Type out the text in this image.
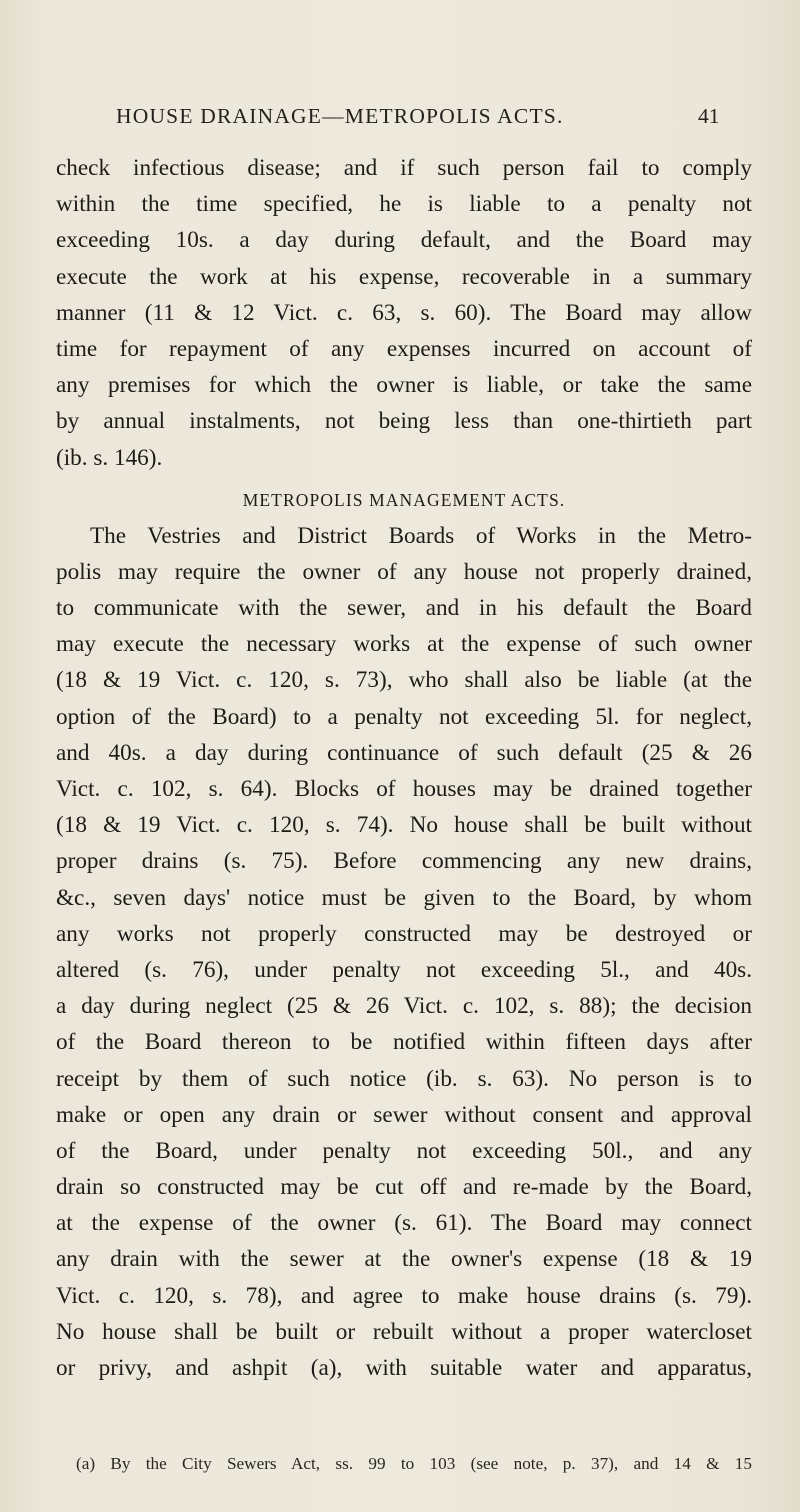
HOUSE DRAINAGE—METROPOLIS ACTS.	41
check infectious disease; and if such person fail to comply
within the time specified, he is liable to a penalty not
exceeding 10s. a day during default, and the Board may
execute the work at his expense, recoverable in a summary
manner (11 & 12 Vict. c. 63, s. 60). The Board may allow
time for repayment of any expenses incurred on account of
any premises for which the owner is liable, or take the same
by annual instalments, not being less than one-thirtieth part
(ib. s. 146).
METROPOLIS MANAGEMENT ACTS.
The Vestries and District Boards of Works in the Metro-
polis may require the owner of any house not properly drained,
to communicate with the sewer, and in his default the Board
may execute the necessary works at the expense of such owner
(18 & 19 Vict. c. 120, s. 73), who shall also be liable (at the
option of the Board) to a penalty not exceeding 5l. for neglect,
and 40s. a day during continuance of such default (25 & 26
Vict. c. 102, s. 64). Blocks of houses may be drained together
(18 & 19 Vict. c. 120, s. 74). No house shall be built without
proper drains (s. 75). Before commencing any new drains,
&c., seven days' notice must be given to the Board, by whom
any works not properly constructed may be destroyed or
altered (s. 76), under penalty not exceeding 5l., and 40s.
a day during neglect (25 & 26 Vict. c. 102, s. 88); the decision
of the Board thereon to be notified within fifteen days after
receipt by them of such notice (ib. s. 63). No person is to
make or open any drain or sewer without consent and approval
of the Board, under penalty not exceeding 50l., and any
drain so constructed may be cut off and re-made by the Board,
at the expense of the owner (s. 61). The Board may connect
any drain with the sewer at the owner's expense (18 & 19
Vict. c. 120, s. 78), and agree to make house drains (s. 79).
No house shall be built or rebuilt without a proper watercloset
or privy, and ashpit (a), with suitable water and apparatus,
(a) By the City Sewers Act, ss. 99 to 103 (see note, p. 37), and 14 & 15
